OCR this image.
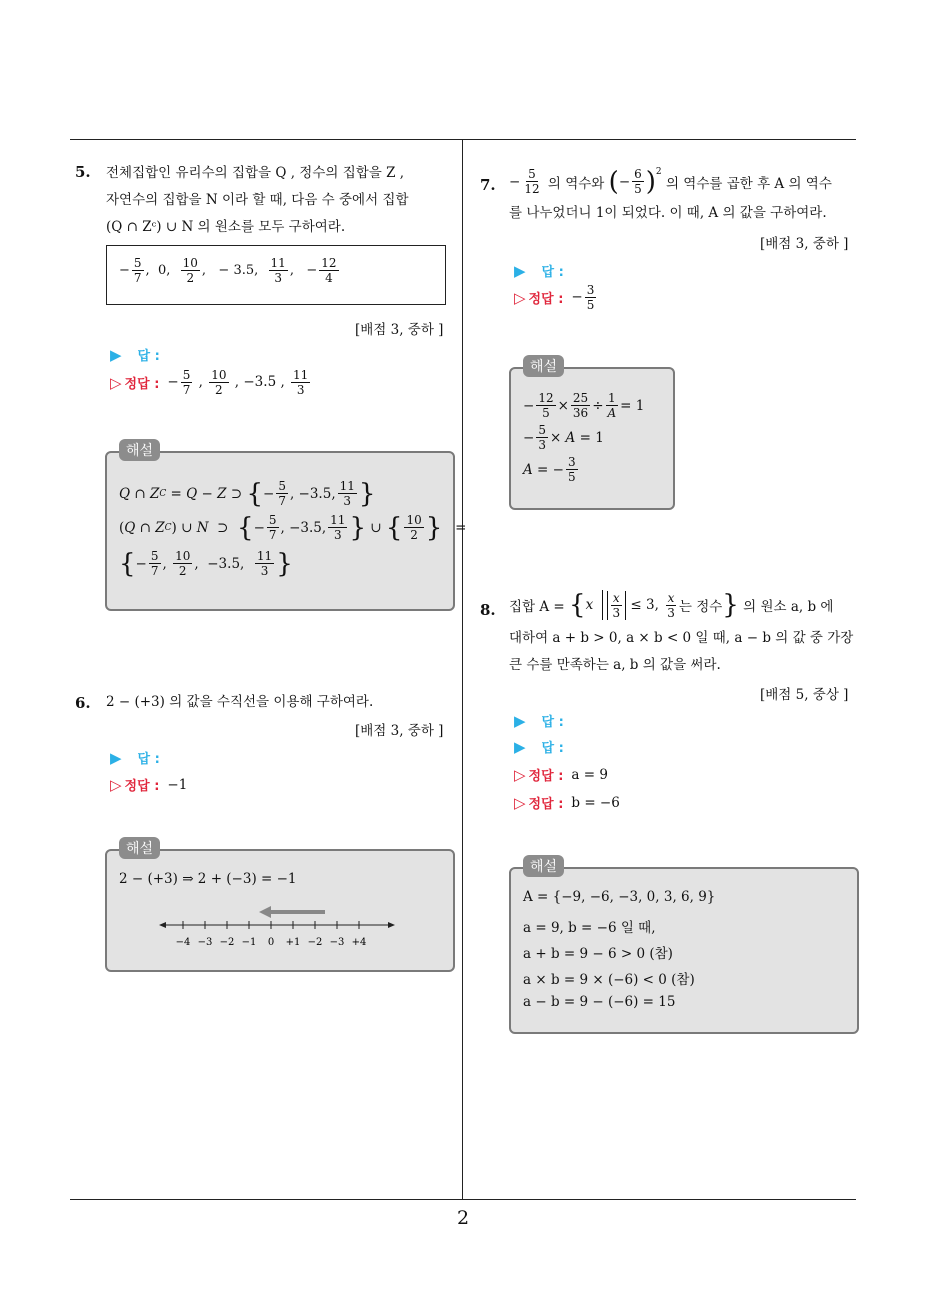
5. 전체집합인 유리수의 집합을 Q , 정수의 집합을 Z ,
자연수의 집합을 N 이라 할 때, 다음 수 중에서 집합
(Q ∩ Zᶜ) ∪ N 의 원소를 모두 구하여라.
− $\frac{5}{7}$ ,  0, $\frac{10}{2}$ ,   − 3.5, $\frac{11}{3}$ ,   − $\frac{12}{4}$
[배점 3, 중하 ]
▶ 답 :
▷ 정답 : − $\frac{5}{7}$ , $\frac{10}{2}$ , −3.5 , $\frac{11}{3}$
Q ∩ Z C = Q − Z ⊃ { − $\frac{5}{7}$ , −3.5, $\frac{11}{3}$ }
( Q ∩ Z C ) ∪ N ⊃ { − $\frac{5}{7}$ , −3.5, $\frac{11}{3}$ } ∪ { $\frac{10}{2}$ } =
{ − $\frac{5}{7}$ , $\frac{10}{2}$ ,  −3.5, $\frac{11}{3}$ }
해설
6. 2 − (+3) 의 값을 수직선을 이용해 구하여라.
[배점 3, 중하 ]
▶ 답 :
▷ 정답 : −1
2 − (+3) ⇒ 2 + (−3) = −1
−4 −3 −2 −1 0 +1 −2 −3 +4
해설
7. − $\frac{5}{12}$
의 역수와
( − $\frac{6}{5} )^2$

의 역수를 곱한 후 A 의 역수
를 나누었더니 1이 되었다. 이 때, A 의 값을 구하여라.
[배점 3, 중하 ]
▶ 답 :
▷ 정답 : − $\frac{3}{5}$
− $\frac{12}{5} \times \frac{25}{36} \div \frac{1}{A} = 1$
− $\frac{5}{3} \times A = 1$
A = − $\frac{3}{5}$
해설
8. 집합 A =
{ x
$\frac{x}{3} \le 3$, $\frac{x}{3}$ 는 정수 }
의 원소 a, b 에
대하여 a + b > 0, a × b < 0 일 때, a − b 의 값 중 가장
큰 수를 만족하는 a, b 의 값을 써라.
[배점 5, 중상 ]
▶ 답 :
▶ 답 :
▷ 정답 : a = 9
▷ 정답 : b = −6
A = {−9, −6, −3, 0, 3, 6, 9}
a = 9, b = −6 일 때,
a + b = 9 − 6 > 0 (참)
a × b = 9 × (−6) < 0 (참)
a − b = 9 − (−6) = 15
해설
2
